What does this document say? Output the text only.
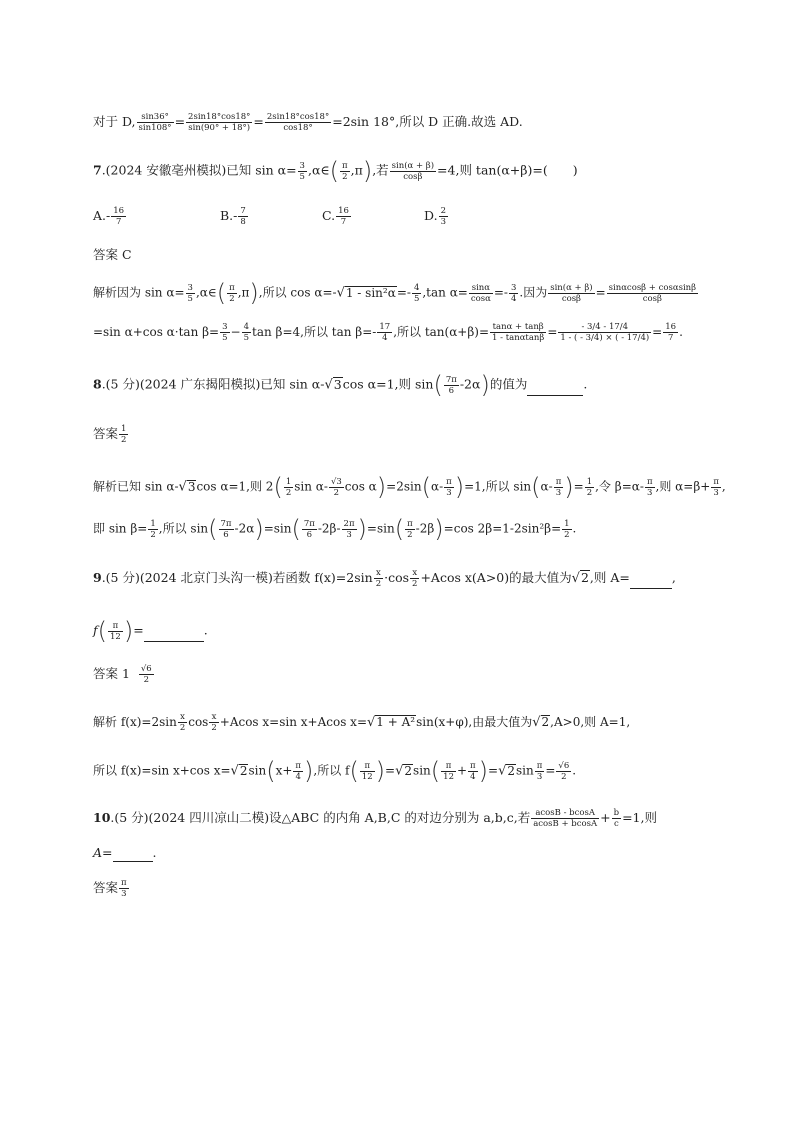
对于 D, $\frac{\sin 36^\circ}{\sin 108^\circ} = \frac{2\sin 18^\circ\cos 18^\circ}{\sin(90^\circ + 18^\circ)} = \frac{2\sin 18^\circ\cos 18^\circ}{\cos 18^\circ} =2\sin$ 18°,所以 D 正确.故选 AD.
7.(2024 安徽亳州模拟)已知 $\sin \alpha= \frac{3}{5}$ ,α∈( $\frac{\pi}{2} ,\pi$),若 $\frac{\sin(\alpha + \beta)}{\cos\beta} =4$,则 tan(α+β)=(　　)
$A.- \frac{16}{7}$	$B.- \frac{7}{8}$	C. $\frac{16}{7}$	D. $\frac{2}{3}$
答案 C
解析因为 $\sin \alpha= \frac{3}{5}$ ,α∈( $\frac{\pi}{2} ,\pi$),所以 $\cos \alpha=-√1 - \sin^2\alpha=- \frac{4}{5} ,\tan$ $\alpha= \frac{\sin\alpha}{\cos\alpha} =- \frac{3}{4}$ .因为 $\frac{\sin(\alpha + \beta)}{\cos\beta} = \frac{\sin\alpha\cos\beta + \cos\alpha\sin\beta}{\cos\beta}$
=sin α+cos α·tan $\beta= \frac{3}{5} - \frac{4}{5}$ tan β=4,所以 $\tan \beta=- \frac{17}{4}$ ,所以 $\tan(\alpha+\beta)= \frac{\tan\alpha + \tan\beta}{1 - \tan\alpha\tan\beta} = \frac{- 3/4 - 17/4}{1 - ( - 3/4) \times ( - 17/4)} = \frac{16}{7}$ .
8.(5 分)(2024 广东揭阳模拟)已知 sin α-√3cos α=1,则 $\sin( \frac{7\pi}{6} -2\alpha)$的值为	.
答案 $\frac{1}{2}$
解析已知 sin α-√3cos α=1,则 $2( \frac{1}{2}$ $\sin \alpha- \frac{√3}{2}$ $\cos \alpha)=2\sin(\alpha- \frac{\pi}{3} )=1$,所以 $\sin(\alpha- \frac{\pi}{3}$ )= $\frac{1}{2}$ ,令 $\beta=\alpha- \frac{\pi}{3}$ ,则 $\alpha=\beta+ \frac{\pi}{3}$ ,
即 $\sin \beta= \frac{1}{2}$ ,所以 $\sin( \frac{7\pi}{6} -2\alpha)=\sin( \frac{7\pi}{6} -2\beta- \frac{2\pi}{3} )=\sin( \frac{\pi}{2} -2\beta)=\cos$ $2\beta=1-2\sin^2\beta= \frac{1}{2}$ .
9.(5 分)(2024 北京门头沟一模)若函数 $f(x)=2\sin \frac{x}{2} \cdot\cos \frac{x}{2} +Acos$ x(A>0)的最大值为√2,则 A=	,
$f( \frac{\pi}{12}$ )=	.
答案 $1 \frac{√6}{2}$
解析 $f(x)=2\sin \frac{x}{2}$ $\cos \frac{x}{2} +Acos$ x=sin x+Acos x=√1 + A²sin(x+φ),由最大值为√2,A>0,则 A=1,
所以 f(x)=sin x+cos $x=√2\sin(x+ \frac{\pi}{4}$ ),所以 $f( \frac{\pi}{12} )=√2\sin( \frac{\pi}{12} + \frac{\pi}{4} )=√2\sin \frac{\pi}{3} = \frac{√6}{2}$ .
10.(5 分)(2024 四川凉山二模)设△ABC 的内角 A,B,C 的对边分别为 a,b,c,若 $\frac{acosB - bcosA}{acosB + bcosA} + \frac{b}{c} =1$,则
A=	.
答案 $\frac{\pi}{3}$
